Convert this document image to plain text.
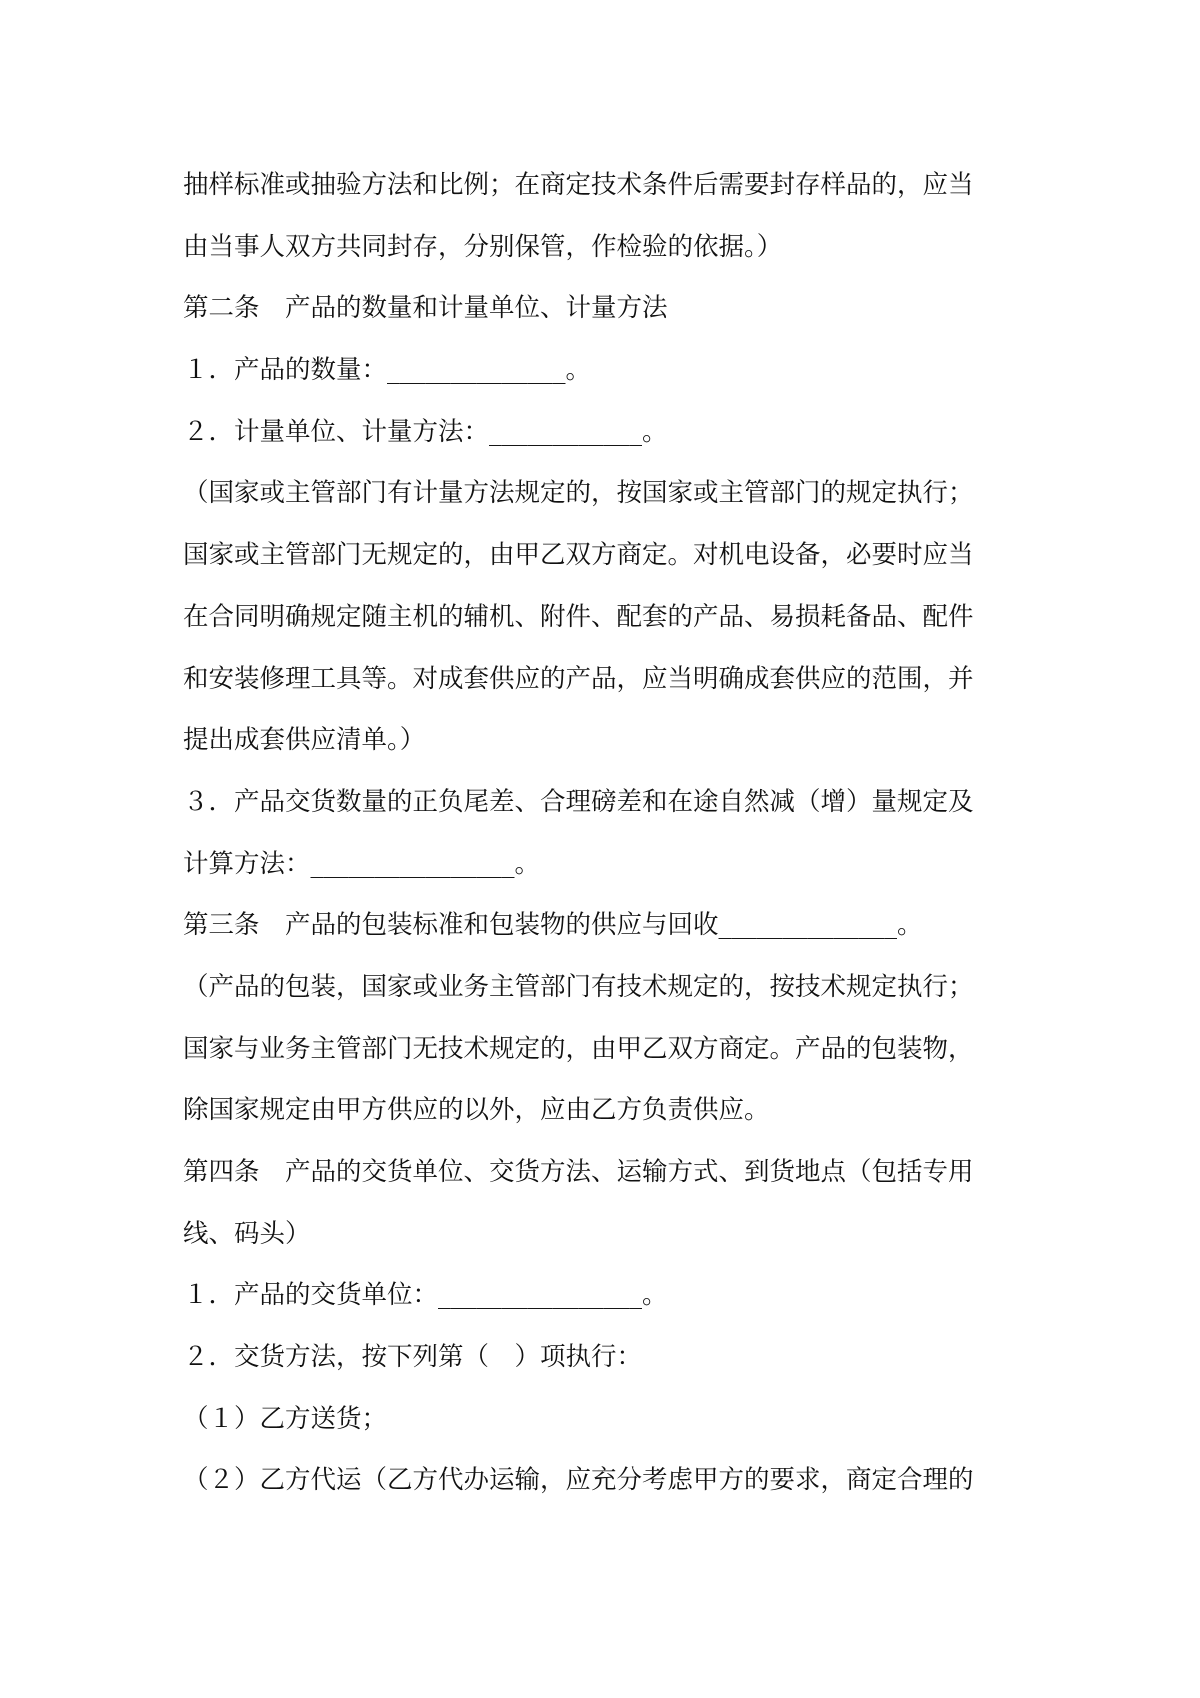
抽样标准或抽验方法和比例；在商定技术条件后需要封存样品的，应当
由当事人双方共同封存，分别保管，作检验的依据。）
第二条　产品的数量和计量单位、计量方法
１．产品的数量：______________。
２．计量单位、计量方法：____________。
（国家或主管部门有计量方法规定的，按国家或主管部门的规定执行；
国家或主管部门无规定的，由甲乙双方商定。对机电设备，必要时应当
在合同明确规定随主机的辅机、附件、配套的产品、易损耗备品、配件
和安装修理工具等。对成套供应的产品，应当明确成套供应的范围，并
提出成套供应清单。）
３．产品交货数量的正负尾差、合理磅差和在途自然减（增）量规定及
计算方法：________________。
第三条　产品的包装标准和包装物的供应与回收______________。
（产品的包装，国家或业务主管部门有技术规定的，按技术规定执行；
国家与业务主管部门无技术规定的，由甲乙双方商定。产品的包装物，
除国家规定由甲方供应的以外，应由乙方负责供应。
第四条　产品的交货单位、交货方法、运输方式、到货地点（包括专用
线、码头）
１．产品的交货单位：________________。
２．交货方法，按下列第（　）项执行：
（１）乙方送货；
（２）乙方代运（乙方代办运输，应充分考虑甲方的要求，商定合理的
